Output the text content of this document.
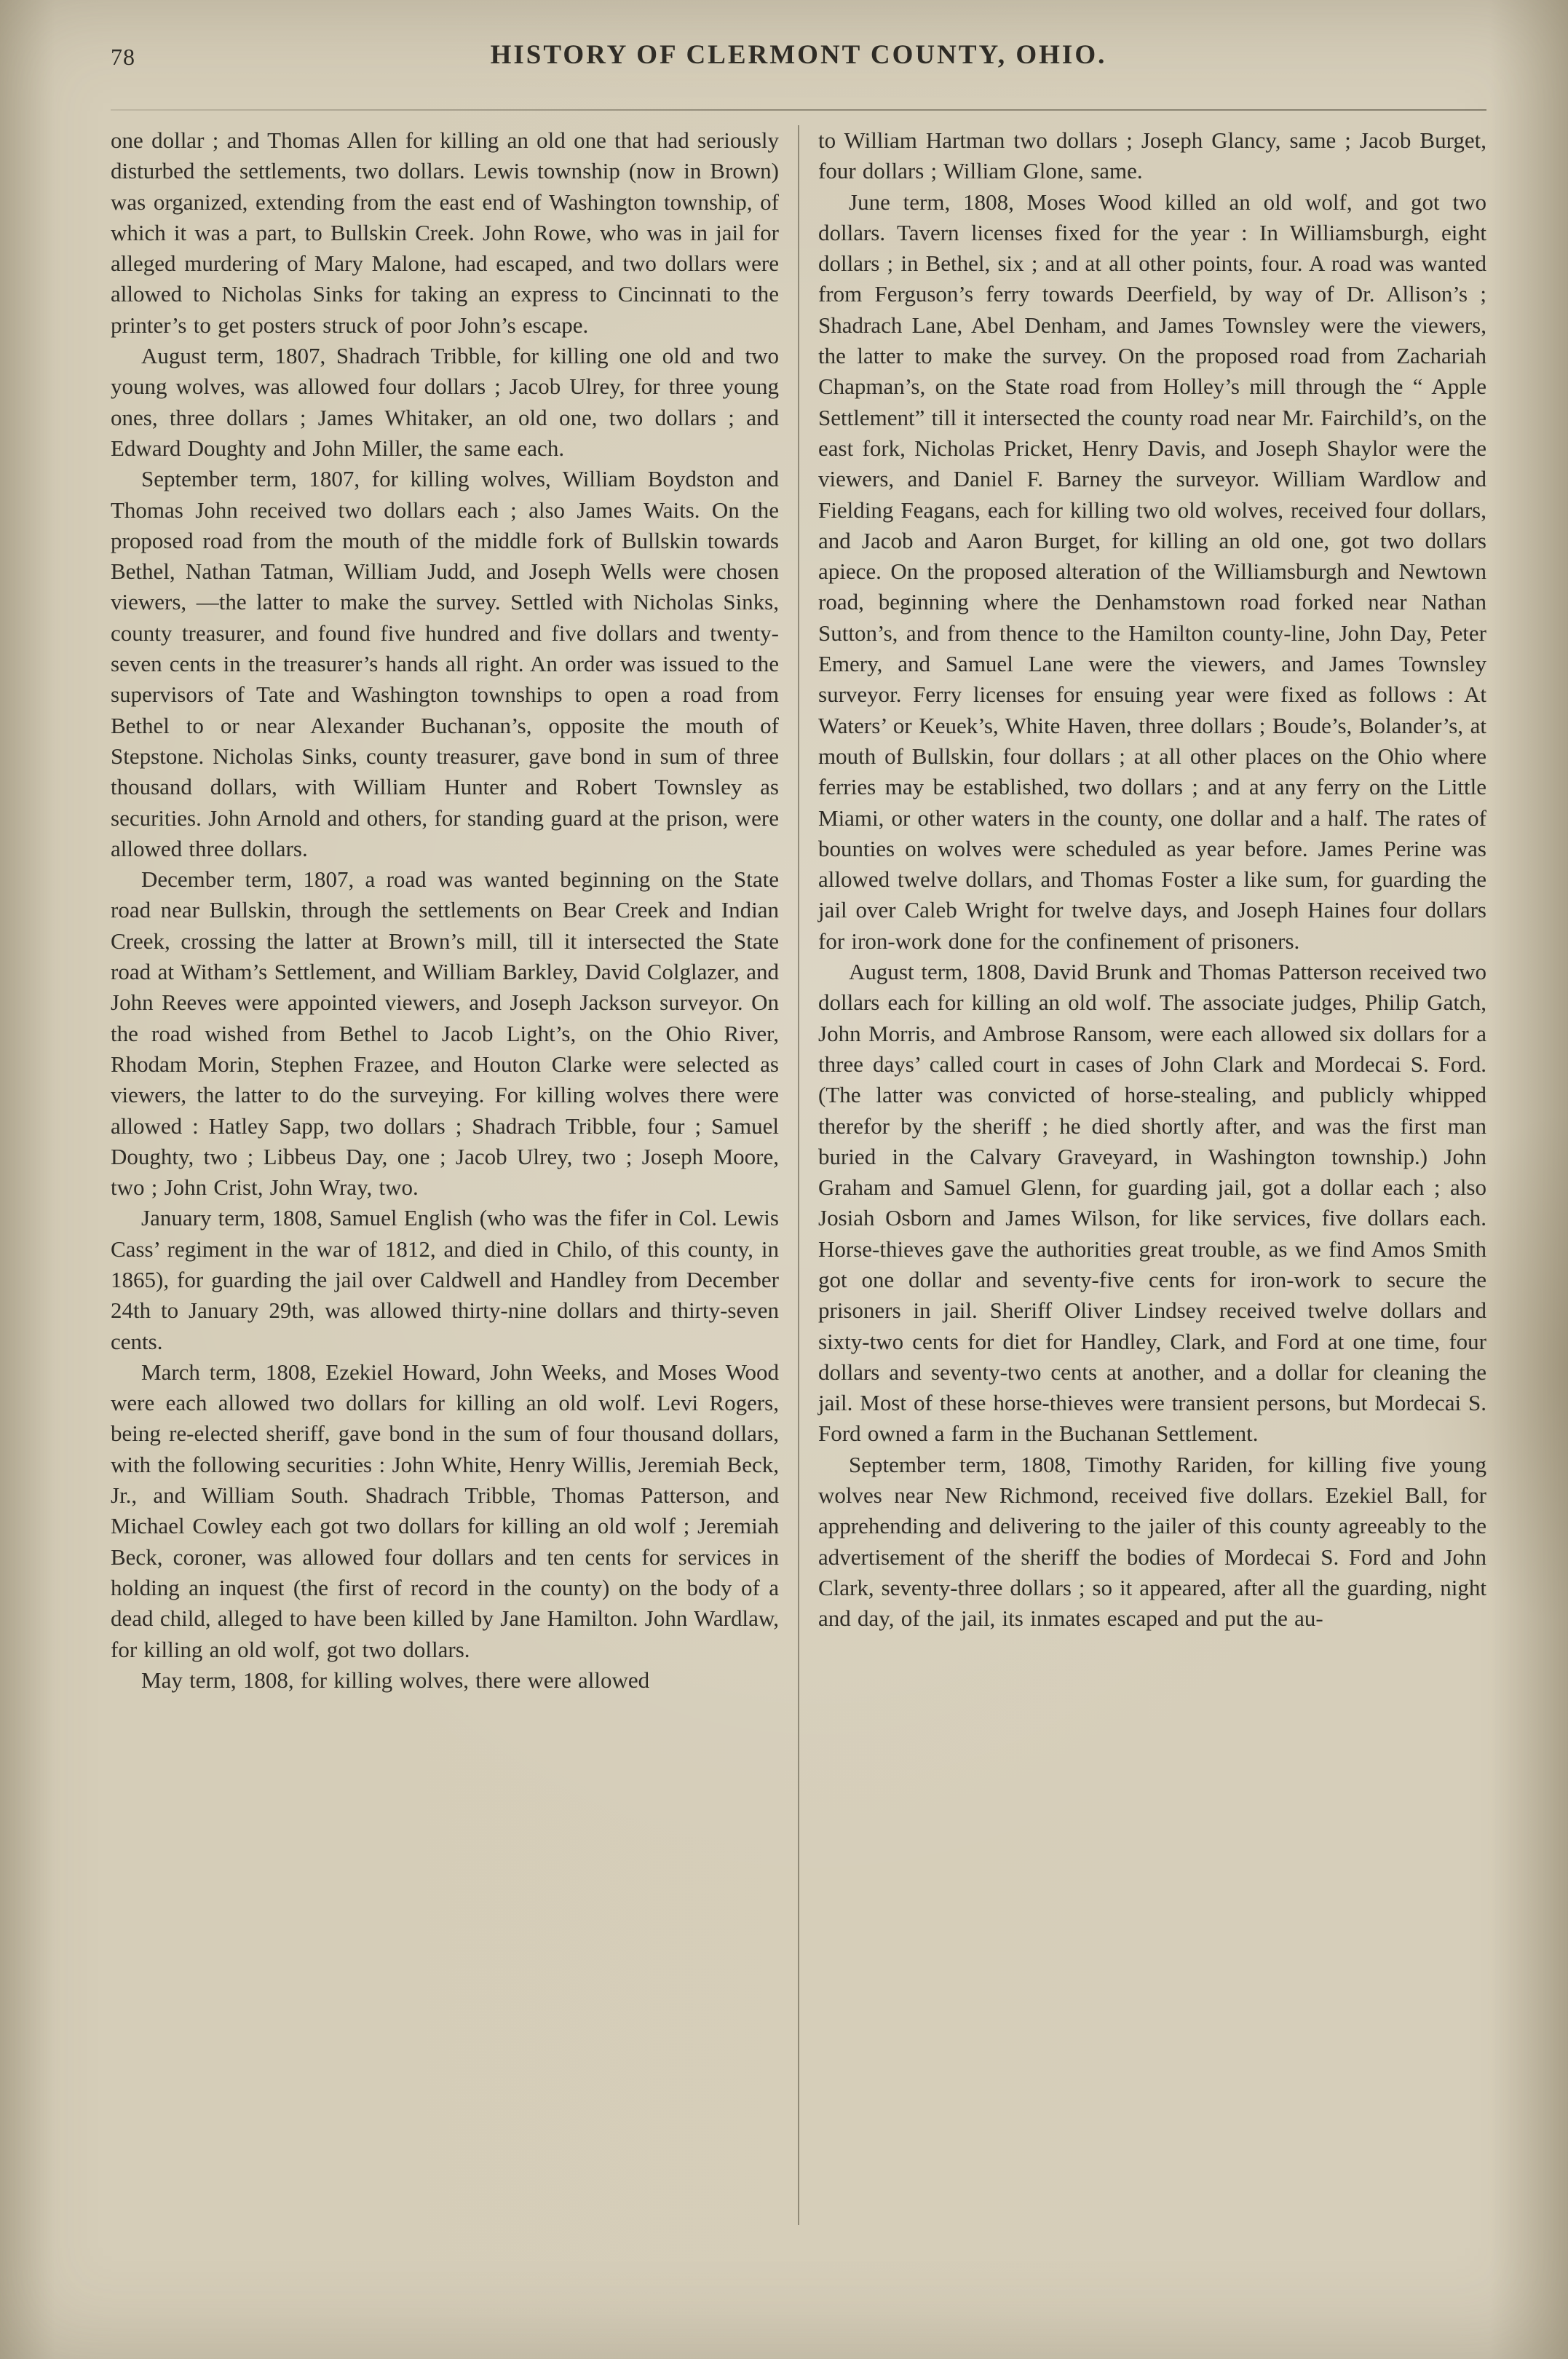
78	HISTORY OF CLERMONT COUNTY, OHIO.

one dollar ; and Thomas Allen for killing an old one that had seriously disturbed the settlements, two dollars. Lewis township (now in Brown) was organized, extending from the east end of Washington township, of which it was a part, to Bullskin Creek. John Rowe, who was in jail for alleged murdering of Mary Malone, had escaped, and two dollars were allowed to Nicholas Sinks for taking an express to Cincinnati to the printer’s to get posters struck of poor John’s escape.

August term, 1807, Shadrach Tribble, for killing one old and two young wolves, was allowed four dollars ; Jacob Ulrey, for three young ones, three dollars ; James Whitaker, an old one, two dollars ; and Edward Doughty and John Miller, the same each.

September term, 1807, for killing wolves, William Boydston and Thomas John received two dollars each ; also James Waits. On the proposed road from the mouth of the middle fork of Bullskin towards Bethel, Nathan Tatman, William Judd, and Joseph Wells were chosen viewers, —the latter to make the survey. Settled with Nicholas Sinks, county treasurer, and found five hundred and five dollars and twenty-seven cents in the treasurer’s hands all right. An order was issued to the supervisors of Tate and Washington townships to open a road from Bethel to or near Alexander Buchanan’s, opposite the mouth of Stepstone. Nicholas Sinks, county treasurer, gave bond in sum of three thousand dollars, with William Hunter and Robert Townsley as securities. John Arnold and others, for standing guard at the prison, were allowed three dollars.

December term, 1807, a road was wanted beginning on the State road near Bullskin, through the settlements on Bear Creek and Indian Creek, crossing the latter at Brown’s mill, till it intersected the State road at Witham’s Settlement, and William Barkley, David Colglazer, and John Reeves were appointed viewers, and Joseph Jackson surveyor. On the road wished from Bethel to Jacob Light’s, on the Ohio River, Rhodam Morin, Stephen Frazee, and Houton Clarke were selected as viewers, the latter to do the surveying. For killing wolves there were allowed : Hatley Sapp, two dollars ; Shadrach Tribble, four ; Samuel Doughty, two ; Libbeus Day, one ; Jacob Ulrey, two ; Joseph Moore, two ; John Crist, John Wray, two.

January term, 1808, Samuel English (who was the fifer in Col. Lewis Cass’ regiment in the war of 1812, and died in Chilo, of this county, in 1865), for guarding the jail over Caldwell and Handley from December 24th to January 29th, was allowed thirty-nine dollars and thirty-seven cents.

March term, 1808, Ezekiel Howard, John Weeks, and Moses Wood were each allowed two dollars for killing an old wolf. Levi Rogers, being re-elected sheriff, gave bond in the sum of four thousand dollars, with the following securities : John White, Henry Willis, Jeremiah Beck, Jr., and William South. Shadrach Tribble, Thomas Patterson, and Michael Cowley each got two dollars for killing an old wolf ; Jeremiah Beck, coroner, was allowed four dollars and ten cents for services in holding an inquest (the first of record in the county) on the body of a dead child, alleged to have been killed by Jane Hamilton. John Wardlaw, for killing an old wolf, got two dollars.

May term, 1808, for killing wolves, there were allowed

to William Hartman two dollars ; Joseph Glancy, same ; Jacob Burget, four dollars ; William Glone, same.

June term, 1808, Moses Wood killed an old wolf, and got two dollars. Tavern licenses fixed for the year : In Williamsburgh, eight dollars ; in Bethel, six ; and at all other points, four. A road was wanted from Ferguson’s ferry towards Deerfield, by way of Dr. Allison’s ; Shadrach Lane, Abel Denham, and James Townsley were the viewers, the latter to make the survey. On the proposed road from Zachariah Chapman’s, on the State road from Holley’s mill through the “ Apple Settlement” till it intersected the county road near Mr. Fairchild’s, on the east fork, Nicholas Pricket, Henry Davis, and Joseph Shaylor were the viewers, and Daniel F. Barney the surveyor. William Wardlow and Fielding Feagans, each for killing two old wolves, received four dollars, and Jacob and Aaron Burget, for killing an old one, got two dollars apiece. On the proposed alteration of the Williamsburgh and Newtown road, beginning where the Denhamstown road forked near Nathan Sutton’s, and from thence to the Hamilton county-line, John Day, Peter Emery, and Samuel Lane were the viewers, and James Townsley surveyor. Ferry licenses for ensuing year were fixed as follows : At Waters’ or Keuek’s, White Haven, three dollars ; Boude’s, Bolander’s, at mouth of Bullskin, four dollars ; at all other places on the Ohio where ferries may be established, two dollars ; and at any ferry on the Little Miami, or other waters in the county, one dollar and a half. The rates of bounties on wolves were scheduled as year before. James Perine was allowed twelve dollars, and Thomas Foster a like sum, for guarding the jail over Caleb Wright for twelve days, and Joseph Haines four dollars for iron-work done for the confinement of prisoners.

August term, 1808, David Brunk and Thomas Patterson received two dollars each for killing an old wolf. The associate judges, Philip Gatch, John Morris, and Ambrose Ransom, were each allowed six dollars for a three days’ called court in cases of John Clark and Mordecai S. Ford. (The latter was convicted of horse-stealing, and publicly whipped therefor by the sheriff ; he died shortly after, and was the first man buried in the Calvary Graveyard, in Washington township.) John Graham and Samuel Glenn, for guarding jail, got a dollar each ; also Josiah Osborn and James Wilson, for like services, five dollars each. Horse-thieves gave the authorities great trouble, as we find Amos Smith got one dollar and seventy-five cents for iron-work to secure the prisoners in jail. Sheriff Oliver Lindsey received twelve dollars and sixty-two cents for diet for Handley, Clark, and Ford at one time, four dollars and seventy-two cents at another, and a dollar for cleaning the jail. Most of these horse-thieves were transient persons, but Mordecai S. Ford owned a farm in the Buchanan Settlement.

September term, 1808, Timothy Rariden, for killing five young wolves near New Richmond, received five dollars. Ezekiel Ball, for apprehending and delivering to the jailer of this county agreeably to the advertisement of the sheriff the bodies of Mordecai S. Ford and John Clark, seventy-three dollars ; so it appeared, after all the guarding, night and day, of the jail, its inmates escaped and put the au-
